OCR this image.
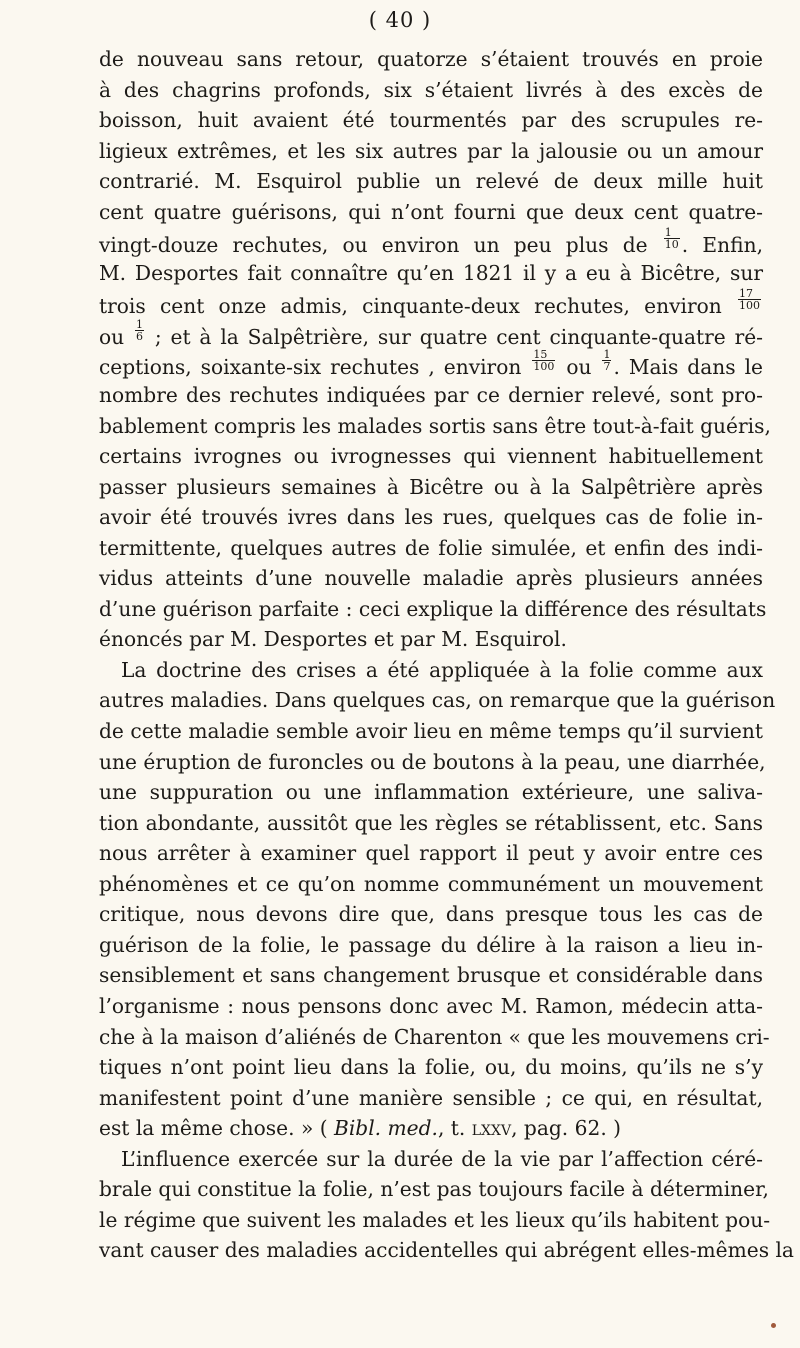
( 40 )
de nouveau sans retour, quatorze s’étaient trouvés en proie
à des chagrins profonds, six s’étaient livrés à des excès de
boisson, huit avaient été tourmentés par des scrupules re-
ligieux extrêmes, et les six autres par la jalousie ou un amour
contrarié. M. Esquirol publie un relevé de deux mille huit
cent quatre guérisons, qui n’ont fourni que deux cent quatre-
vingt-douze rechutes, ou environ un peu plus de $\frac{1}{10}$ . Enfin,
M. Desportes fait connaître qu’en 1821 il y a eu à Bicêtre, sur
trois cent onze admis, cinquante-deux rechutes, environ $\frac{17}{100}$
ou $\frac{1}{6}$ ; et à la Salpêtrière, sur quatre cent cinquante-quatre ré-
ceptions, soixante-six rechutes , environ $\frac{15}{100}$ ou $\frac{1}{7}$ . Mais dans le
nombre des rechutes indiquées par ce dernier relevé, sont pro-
bablement compris les malades sortis sans être tout-à-fait guéris,
certains ivrognes ou ivrognesses qui viennent habituellement
passer plusieurs semaines à Bicêtre ou à la Salpêtrière après
avoir été trouvés ivres dans les rues, quelques cas de folie in-
termittente, quelques autres de folie simulée, et enfin des indi-
vidus atteints d’une nouvelle maladie après plusieurs années
d’une guérison parfaite : ceci explique la différence des résultats
énoncés par M. Desportes et par M. Esquirol.
La doctrine des crises a été appliquée à la folie comme aux
autres maladies. Dans quelques cas, on remarque que la guérison
de cette maladie semble avoir lieu en même temps qu’il survient
une éruption de furoncles ou de boutons à la peau, une diarrhée,
une suppuration ou une inflammation extérieure, une saliva-
tion abondante, aussitôt que les règles se rétablissent, etc. Sans
nous arrêter à examiner quel rapport il peut y avoir entre ces
phénomènes et ce qu’on nomme communément un mouvement
critique, nous devons dire que, dans presque tous les cas de
guérison de la folie, le passage du délire à la raison a lieu in-
sensiblement et sans changement brusque et considérable dans
l’organisme : nous pensons donc avec M. Ramon, médecin atta-
che à la maison d’aliénés de Charenton « que les mouvemens cri-
tiques n’ont point lieu dans la folie, ou, du moins, qu’ils ne s’y
manifestent point d’une manière sensible ; ce qui, en résultat,
est la même chose. » ( Bibl. med., t. lxxv, pag. 62. )
L’influence exercée sur la durée de la vie par l’affection céré-
brale qui constitue la folie, n’est pas toujours facile à déterminer,
le régime que suivent les malades et les lieux qu’ils habitent pou-
vant causer des maladies accidentelles qui abrégent elles-mêmes la
